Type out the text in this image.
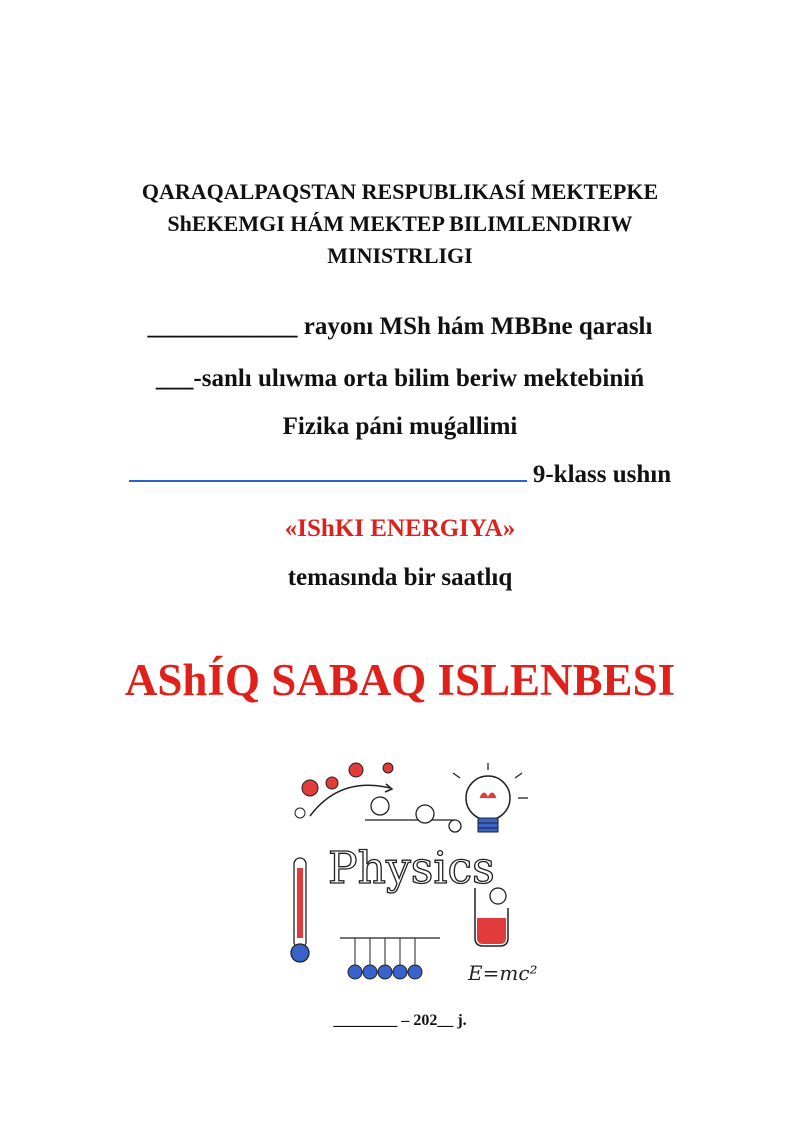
QARAQALPAQSTAN RESPUBLIKASÍ MEKTEPKE
ShEKEMGI HÁM MEKTEP BILIMLENDIRIW
MINISTRLIGI
____________ rayonı MSh hám MBBne qaraslı
___-sanlı ulıwma orta bilim beriw mektebiniń
Fizika páni muǵallimi
9-klass ushın
«IShKI ENERGIYA»
temasında bir saatlıq
AShÍQ SABAQ ISLENBESI
Physics
E=mc²
________ – 202__ j.
